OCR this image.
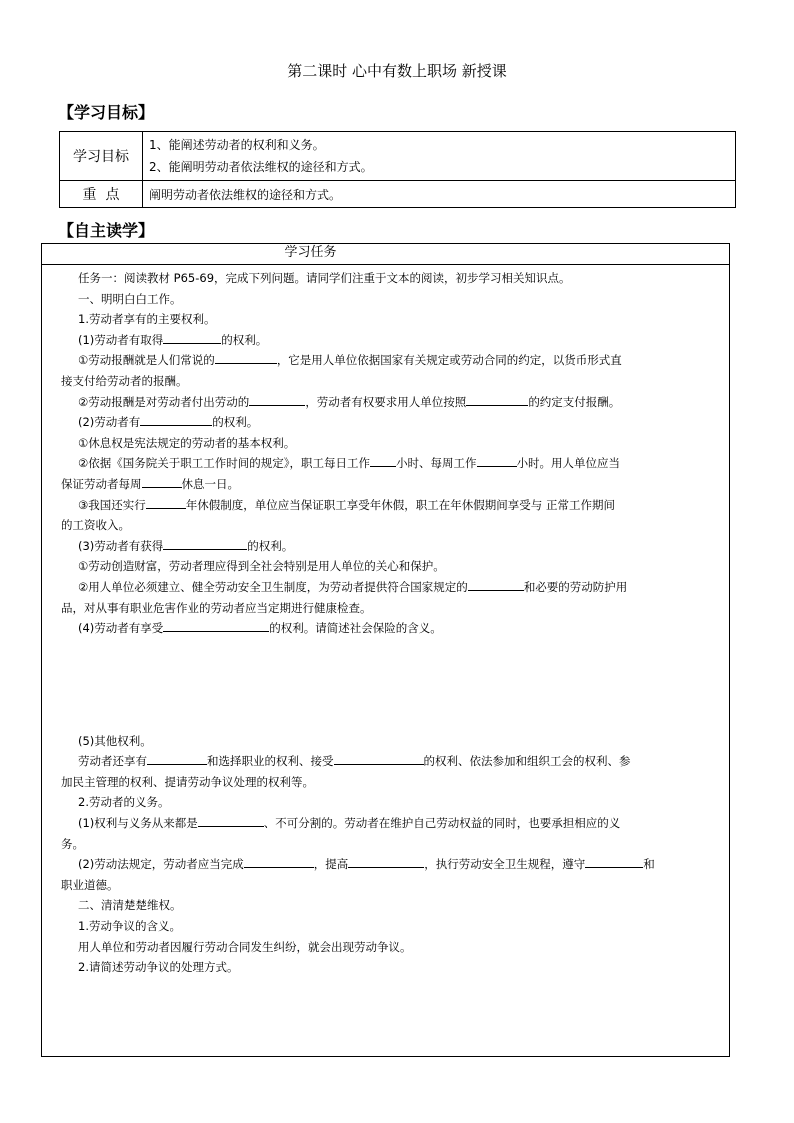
第二课时 心中有数上职场 新授课
【学习目标】
学习目标	1、能阐述劳动者的权利和义务。
2、能阐明劳动者依法维权的途径和方式。

重  点	阐明劳动者依法维权的途径和方式。
【自主读学】
学习任务
任务一：阅读教材 P65-69，完成下列问题。请同学们注重于文本的阅读，初步学习相关知识点。
一、明明白白工作。
1.劳动者享有的主要权利。
(1)劳动者有取得	的权利。
①劳动报酬就是人们常说的	，它是用人单位依据国家有关规定或劳动合同的约定，以货币形式直
接支付给劳动者的报酬。
②劳动报酬是对劳动者付出劳动的	，劳动者有权要求用人单位按照	的约定支付报酬。
(2)劳动者有	的权利。
①休息权是宪法规定的劳动者的基本权利。
②依据《国务院关于职工工作时间的规定》，职工每日工作 小时、每周工作	小时。用人单位应当
保证劳动者每周	休息一日。
③我国还实行	年休假制度，单位应当保证职工享受年休假，职工在年休假期间享受与 正常工作期间
的工资收入。
(3)劳动者有获得	的权利。
①劳动创造财富，劳动者理应得到全社会特别是用人单位的关心和保护。
②用人单位必须建立、健全劳动安全卫生制度，为劳动者提供符合国家规定的	和必要的劳动防护用
品，对从事有职业危害作业的劳动者应当定期进行健康检查。
(4)劳动者有享受	的权利。请简述社会保险的含义。
(5)其他权利。
劳动者还享有	和选择职业的权利、接受	的权利、依法参加和组织工会的权利、参
加民主管理的权利、提请劳动争议处理的权利等。
2.劳动者的义务。
(1)权利与义务从来都是	、不可分割的。劳动者在维护自己劳动权益的同时，也要承担相应的义
务。
(2)劳动法规定，劳动者应当完成	，提高	，执行劳动安全卫生规程，遵守	和
职业道德。
二、清清楚楚维权。
1.劳动争议的含义。
用人单位和劳动者因履行劳动合同发生纠纷，就会出现劳动争议。
2.请简述劳动争议的处理方式。
